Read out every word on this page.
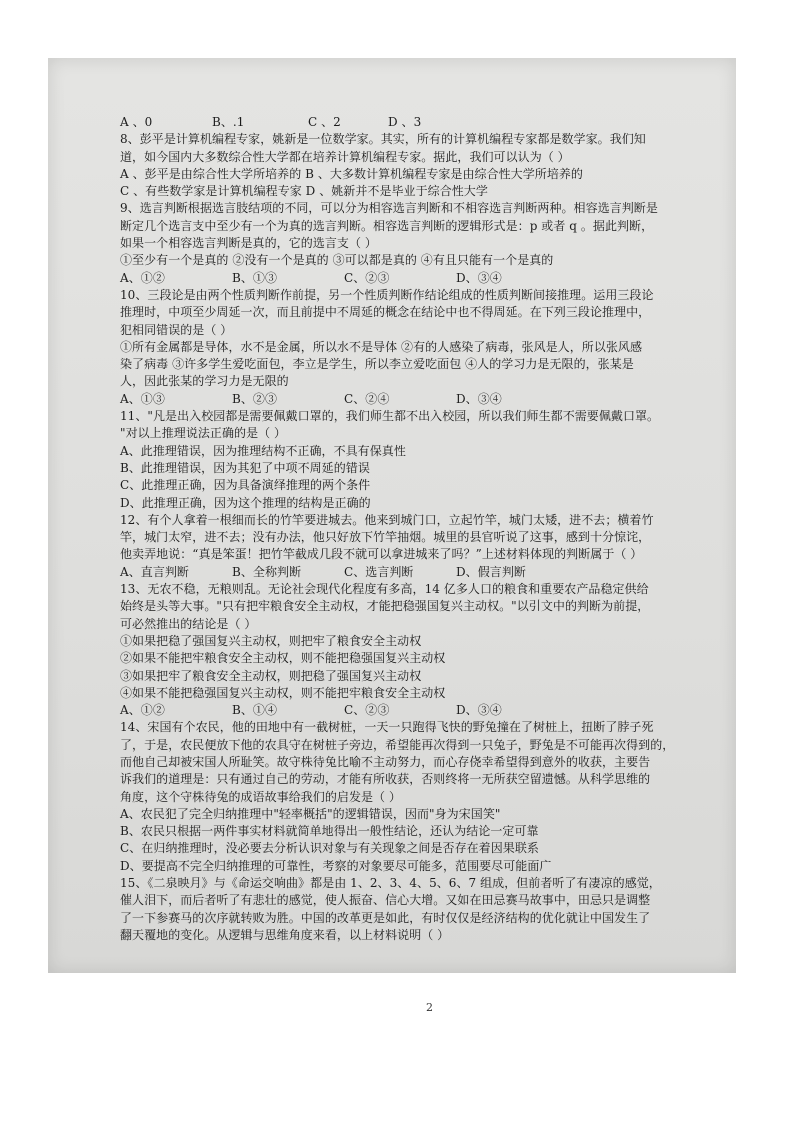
A 、0	B、.1	C 、2	D 、3
8、彭平是计算机编程专家，姚新是一位数学家。其实，所有的计算机编程专家都是数学家。我们知
道，如今国内大多数综合性大学都在培养计算机编程专家。据此，我们可以认为（ ）
A 、彭平是由综合性大学所培养的 B 、大多数计算机编程专家是由综合性大学所培养的
C 、有些数学家是计算机编程专家 D 、姚新并不是毕业于综合性大学
9、选言判断根据选言肢结项的不同，可以分为相容选言判断和不相容选言判断两种。相容选言判断是
断定几个选言支中至少有一个为真的选言判断。相容选言判断的逻辑形式是：p 或者 q 。据此判断，
如果一个相容选言判断是真的，它的选言支（ ）
①至少有一个是真的 ②没有一个是真的 ③可以都是真的 ④有且只能有一个是真的
A、①②	B、①③	C、②③	D、③④
10、三段论是由两个性质判断作前提，另一个性质判断作结论组成的性质判断间接推理。运用三段论
推理时，中项至少周延一次，而且前提中不周延的概念在结论中也不得周延。在下列三段论推理中，
犯相同错误的是（ ）
①所有金属都是导体，水不是金属，所以水不是导体 ②有的人感染了病毒，张风是人，所以张风感
染了病毒 ③许多学生爱吃面包，李立是学生，所以李立爱吃面包 ④人的学习力是无限的，张某是
人，因此张某的学习力是无限的
A、①③	B、②③	C、②④	D、③④
11、"凡是出入校园都是需要佩戴口罩的，我们师生都不出入校园，所以我们师生都不需要佩戴口罩。
"对以上推理说法正确的是（ ）
A、此推理错误，因为推理结构不正确，不具有保真性
B、此推理错误，因为其犯了中项不周延的错误
C、此推理正确，因为具备演绎推理的两个条件
D、此推理正确，因为这个推理的结构是正确的
12、有个人拿着一根细而长的竹竿要进城去。他来到城门口，立起竹竿，城门太矮，进不去；横着竹
竿，城门太窄，进不去；没有办法，他只好放下竹竿抽烟。城里的县官听说了这事，感到十分惊诧，
他卖弄地说：“真是笨蛋！把竹竿截成几段不就可以拿进城来了吗？”上述材料体现的判断属于（ ）
A、直言判断	B、全称判断	C、选言判断	D、假言判断
13、无农不稳，无粮则乱。无论社会现代化程度有多高，14 亿多人口的粮食和重要农产品稳定供给
始终是头等大事。"只有把牢粮食安全主动权，才能把稳强国复兴主动权。"以引文中的判断为前提，
可必然推出的结论是（ ）
①如果把稳了强国复兴主动权，则把牢了粮食安全主动权
②如果不能把牢粮食安全主动权，则不能把稳强国复兴主动权
③如果把牢了粮食安全主动权，则把稳了强国复兴主动权
④如果不能把稳强国复兴主动权，则不能把牢粮食安全主动权
A、①②	B、①④	C、②③	D、③④
14、宋国有个农民，他的田地中有一截树桩，一天一只跑得飞快的野兔撞在了树桩上，扭断了脖子死
了，于是，农民便放下他的农具守在树桩子旁边，希望能再次得到一只兔子，野兔是不可能再次得到的，
而他自己却被宋国人所耻笑。故守株待兔比喻不主动努力，而心存侥幸希望得到意外的收获，主要告
诉我们的道理是：只有通过自己的劳动，才能有所收获，否则终将一无所获空留遗憾。从科学思维的
角度，这个守株待兔的成语故事给我们的启发是（ ）
A、农民犯了完全归纳推理中"轻率概括"的逻辑错误，因而"身为宋国笑"
B、农民只根据一两件事实材料就简单地得出一般性结论，还认为结论一定可靠
C、在归纳推理时，没必要去分析认识对象与有关现象之间是否存在着因果联系
D、要提高不完全归纳推理的可靠性，考察的对象要尽可能多，范围要尽可能面广
15、《二泉映月》与《命运交响曲》都是由 1、2、3、4、5、6、7 组成，但前者听了有凄凉的感觉，
催人泪下，而后者听了有悲壮的感觉，使人振奋、信心大增。又如在田忌赛马故事中，田忌只是调整
了一下参赛马的次序就转败为胜。中国的改革更是如此，有时仅仅是经济结构的优化就让中国发生了
翻天覆地的变化。从逻辑与思维角度来看，以上材料说明（ ）
2
